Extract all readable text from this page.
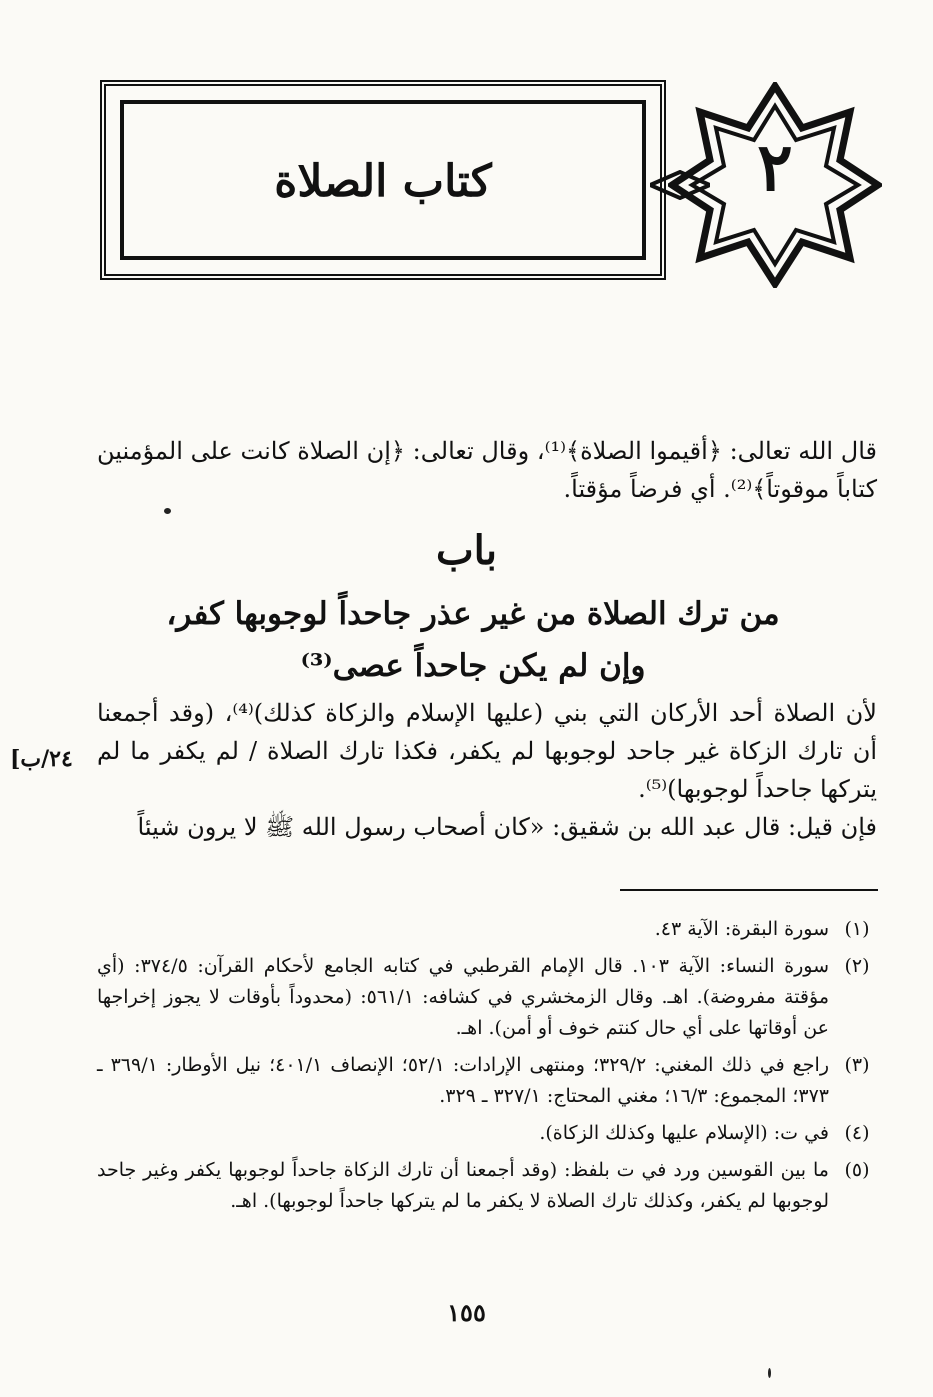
كتاب الصلاة	٢
قال الله تعالى: ﴿أقيموا الصلاة﴾⁽¹⁾، وقال تعالى: ﴿إن الصلاة كانت على المؤمنين كتاباً موقوتاً﴾⁽²⁾. أي فرضاً مؤقتاً.
باب
من ترك الصلاة من غير عذر جاحداً لوجوبها كفر،
وإن لم يكن جاحداً عصى⁽³⁾
لأن الصلاة أحد الأركان التي بني (عليها الإسلام والزكاة كذلك)⁽⁴⁾، (وقد أجمعنا أن تارك الزكاة غير جاحد لوجوبها لم يكفر، فكذا تارك الصلاة / لم يكفر ما لم يتركها جاحداً لوجوبها)⁽⁵⁾.
فإن قيل: قال عبد الله بن شقيق: «كان أصحاب رسول الله ﷺ لا يرون شيئاً
[٢٤/ب
(١)
سورة البقرة: الآية ٤٣.
(٢)
سورة النساء: الآية ١٠٣. قال الإمام القرطبي في كتابه الجامع لأحكام القرآن: ٣٧٤/٥: (أي مؤقتة مفروضة). اهـ. وقال الزمخشري في كشافه: ٥٦١/١: (محدوداً بأوقات لا يجوز إخراجها عن أوقاتها على أي حال كنتم خوف أو أمن). اهـ.
(٣)
راجع في ذلك المغني: ٣٢٩/٢؛ ومنتهى الإرادات: ٥٢/١؛ الإنصاف ٤٠١/١؛ نيل الأوطار: ٣٦٩/١ ـ ٣٧٣؛ المجموع: ١٦/٣؛ مغني المحتاج: ٣٢٧/١ ـ ٣٢٩.
(٤)
في ت: (الإسلام عليها وكذلك الزكاة).
(٥)
ما بين القوسين ورد في ت بلفظ: (وقد أجمعنا أن تارك الزكاة جاحداً لوجوبها يكفر وغير جاحد لوجوبها لم يكفر، وكذلك تارك الصلاة لا يكفر ما لم يتركها جاحداً لوجوبها). اهـ.
١٥٥
